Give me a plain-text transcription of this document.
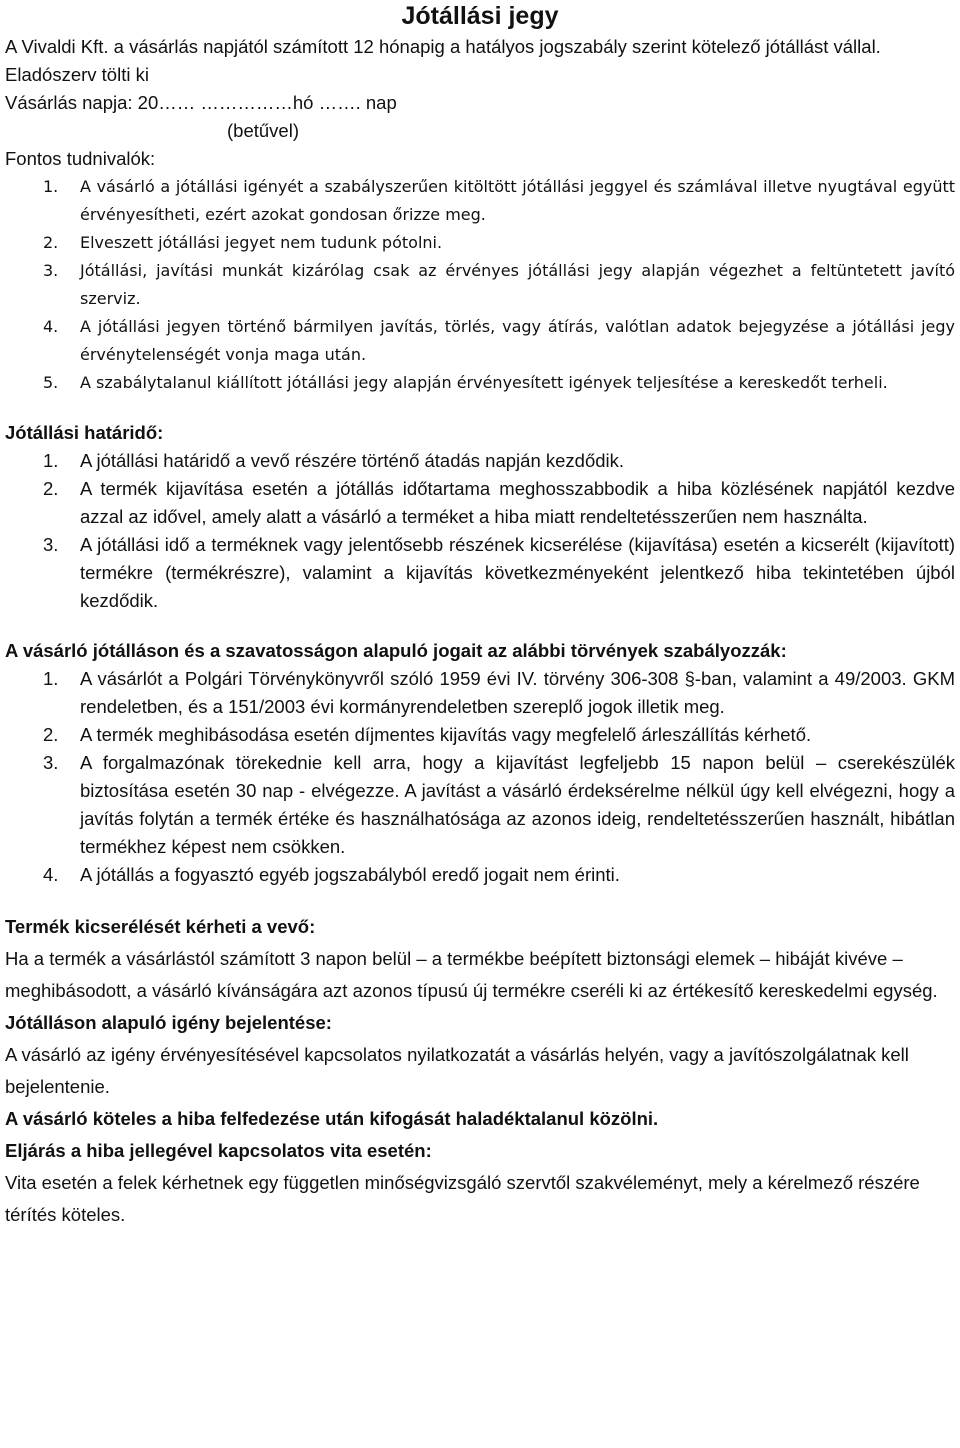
Jótállási jegy

A Vivaldi Kft. a vásárlás napjától számított 12 hónapig a hatályos jogszabály szerint kötelező jótállást vállal.

Eladószerv tölti ki

Vásárlás napja: 20…… ……………hó ……. nap

(betűvel)

Fontos tudnivalók:

1. A vásárló a jótállási igényét a szabályszerűen kitöltött jótállási jeggyel és számlával illetve nyugtával együtt érvényesítheti, ezért azokat gondosan őrizze meg.
2. Elveszett jótállási jegyet nem tudunk pótolni.
3. Jótállási, javítási munkát kizárólag csak az érvényes jótállási jegy alapján végezhet a feltüntetett javító szerviz.
4. A jótállási jegyen történő bármilyen javítás, törlés, vagy átírás, valótlan adatok bejegyzése a jótállási jegy érvénytelenségét vonja maga után.
5. A szabálytalanul kiállított jótállási jegy alapján érvényesített igények teljesítése a kereskedőt terheli.

Jótállási határidő:

1. A jótállási határidő a vevő részére történő átadás napján kezdődik.
2. A termék kijavítása esetén a jótállás időtartama meghosszabbodik a hiba közlésének napjától kezdve azzal az idővel, amely alatt a vásárló a terméket a hiba miatt rendeltetésszerűen nem használta.
3. A jótállási idő a terméknek vagy jelentősebb részének kicserélése (kijavítása) esetén a kicserélt (kijavított) termékre (termékrészre), valamint a kijavítás következményeként jelentkező hiba tekintetében újból kezdődik.

A vásárló jótálláson és a szavatosságon alapuló jogait az alábbi törvények szabályozzák:

1. A vásárlót a Polgári Törvénykönyvről szóló 1959 évi IV. törvény 306-308 §-ban, valamint a 49/2003. GKM rendeletben, és a 151/2003 évi kormányrendeletben szereplő jogok illetik meg.
2. A termék meghibásodása esetén díjmentes kijavítás vagy megfelelő árleszállítás kérhető.
3. A forgalmazónak törekednie kell arra, hogy a kijavítást legfeljebb 15 napon belül – cserekészülék biztosítása esetén 30 nap - elvégezze. A javítást a vásárló érdeksérelme nélkül úgy kell elvégezni, hogy a javítás folytán a termék értéke és használhatósága az azonos ideig, rendeltetésszerűen használt, hibátlan termékhez képest nem csökken.
4. A jótállás a fogyasztó egyéb jogszabályból eredő jogait nem érinti.

Termék kicserélését kérheti a vevő:

Ha a termék a vásárlástól számított 3 napon belül – a termékbe beépített biztonsági elemek – hibáját kivéve – meghibásodott, a vásárló kívánságára azt azonos típusú új termékre cseréli ki az értékesítő kereskedelmi egység.

Jótálláson alapuló igény bejelentése:

A vásárló az igény érvényesítésével kapcsolatos nyilatkozatát a vásárlás helyén, vagy a javítószolgálatnak kell bejelentenie.

A vásárló köteles a hiba felfedezése után kifogását haladéktalanul közölni.

Eljárás a hiba jellegével kapcsolatos vita esetén:

Vita esetén a felek kérhetnek egy független minőségvizsgáló szervtől szakvéleményt, mely a kérelmező részére térítés köteles.
